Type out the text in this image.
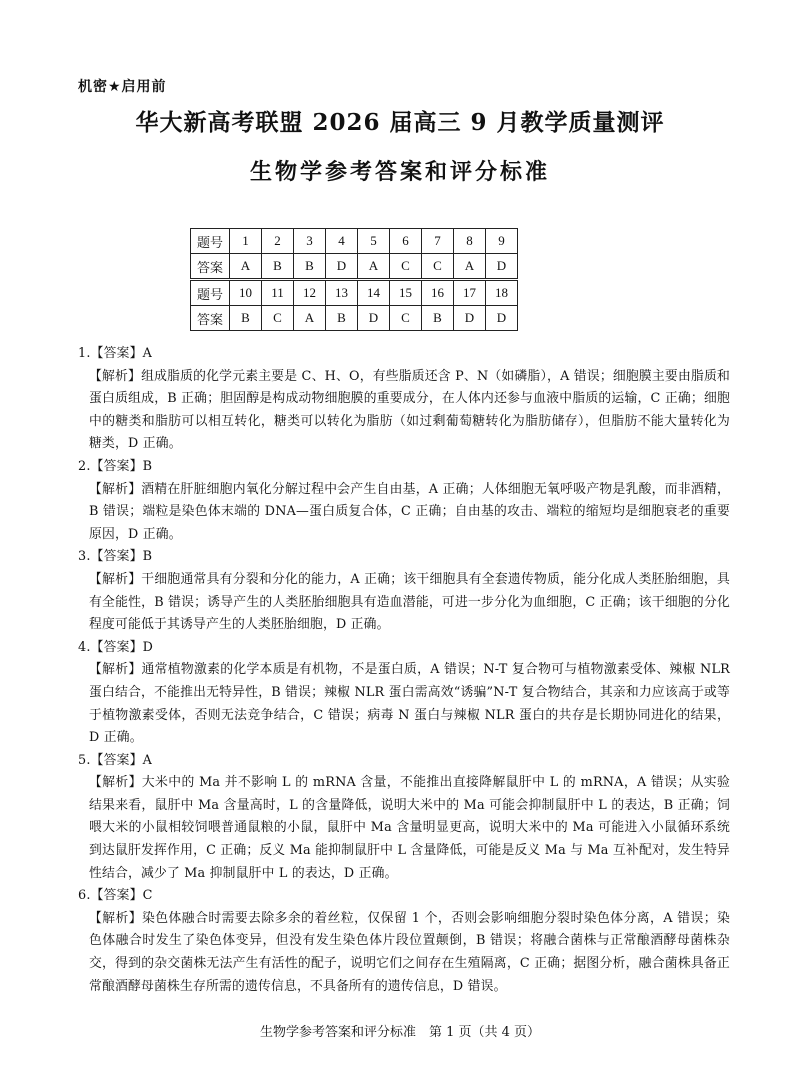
机密★启用前
华大新高考联盟 2026 届高三 9 月教学质量测评
生物学参考答案和评分标准
题号	1	2	3	4	5	6	7	8	9
答案	A	B	B	D	A	C	C	A	D
题号	10	11	12	13	14	15	16	17	18
答案	B	C	A	B	D	C	B	D	D

1.【答案】A

【解析】组成脂质的化学元素主要是 C、H、O，有些脂质还含 P、N（如磷脂），A 错误；细胞膜主要由脂质和蛋白质组成，B 正确；胆固醇是构成动物细胞膜的重要成分，在人体内还参与血液中脂质的运输，C 正确；细胞中的糖类和脂肪可以相互转化，糖类可以转化为脂肪（如过剩葡萄糖转化为脂肪储存），但脂肪不能大量转化为糖类，D 正确。

2.【答案】B

【解析】酒精在肝脏细胞内氧化分解过程中会产生自由基，A 正确；人体细胞无氧呼吸产物是乳酸，而非酒精，B 错误；端粒是染色体末端的 DNA—蛋白质复合体，C 正确；自由基的攻击、端粒的缩短均是细胞衰老的重要原因，D 正确。

3.【答案】B

【解析】干细胞通常具有分裂和分化的能力，A 正确；该干细胞具有全套遗传物质，能分化成人类胚胎细胞，具有全能性，B 错误；诱导产生的人类胚胎细胞具有造血潜能，可进一步分化为血细胞，C 正确；该干细胞的分化程度可能低于其诱导产生的人类胚胎细胞，D 正确。

4.【答案】D

【解析】通常植物激素的化学本质是有机物，不是蛋白质，A 错误；N-T 复合物可与植物激素受体、辣椒 NLR 蛋白结合，不能推出无特异性，B 错误；辣椒 NLR 蛋白需高效“诱骗”N-T 复合物结合，其亲和力应该高于或等于植物激素受体，否则无法竞争结合，C 错误；病毒 N 蛋白与辣椒 NLR 蛋白的共存是长期协同进化的结果，D 正确。

5.【答案】A

【解析】大米中的 Ma 并不影响 L 的 mRNA 含量，不能推出直接降解鼠肝中 L 的 mRNA，A 错误；从实验结果来看，鼠肝中 Ma 含量高时，L 的含量降低，说明大米中的 Ma 可能会抑制鼠肝中 L 的表达，B 正确；饲喂大米的小鼠相较饲喂普通鼠粮的小鼠，鼠肝中 Ma 含量明显更高，说明大米中的 Ma 可能进入小鼠循环系统到达鼠肝发挥作用，C 正确；反义 Ma 能抑制鼠肝中 L 含量降低，可能是反义 Ma 与 Ma 互补配对，发生特异性结合，减少了 Ma 抑制鼠肝中 L 的表达，D 正确。

6.【答案】C

【解析】染色体融合时需要去除多余的着丝粒，仅保留 1 个，否则会影响细胞分裂时染色体分离，A 错误；染色体融合时发生了染色体变异，但没有发生染色体片段位置颠倒，B 错误；将融合菌株与正常酿酒酵母菌株杂交，得到的杂交菌株无法产生有活性的配子，说明它们之间存在生殖隔离，C 正确；据图分析，融合菌株具备正常酿酒酵母菌株生存所需的遗传信息，不具备所有的遗传信息，D 错误。

生物学参考答案和评分标准　第 1 页（共 4 页）
